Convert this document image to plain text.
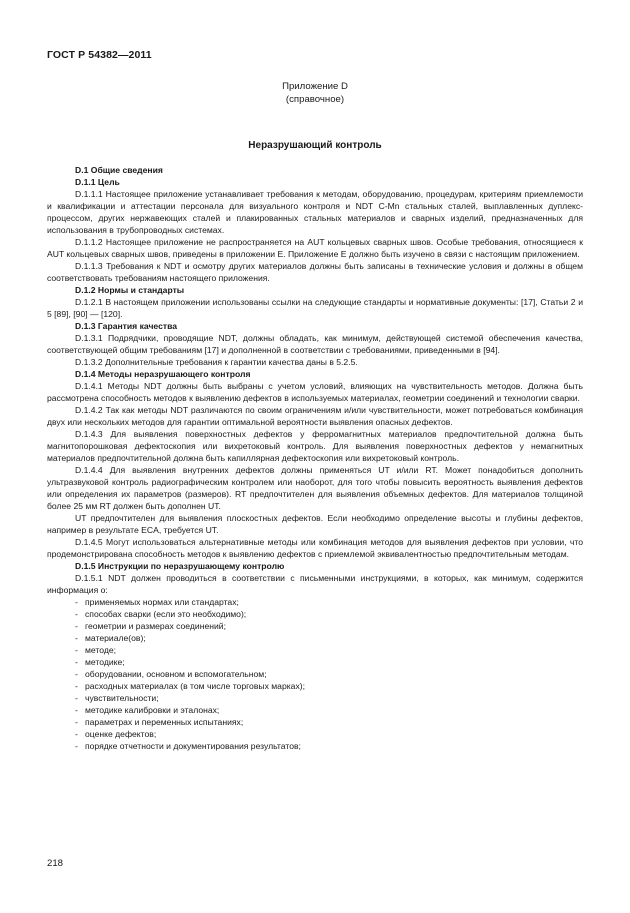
ГОСТ Р 54382—2011
Приложение D
(справочное)
Неразрушающий контроль
D.1 Общие сведения
D.1.1 Цель
D.1.1.1 Настоящее приложение устанавливает требования к методам, оборудованию, процедурам, критериям приемлемости и квалификации и аттестации персонала для визуального контроля и NDT C-Mn стальных сталей, выплавленных дуплекс-процессом, других нержавеющих сталей и плакированных стальных материалов и сварных изделий, предназначенных для использования в трубопроводных системах.
D.1.1.2 Настоящее приложение не распространяется на AUT кольцевых сварных швов. Особые требования, относящиеся к AUT кольцевых сварных швов, приведены в приложении Е. Приложение Е должно быть изучено в связи с настоящим приложением.
D.1.1.3 Требования к NDT и осмотру других материалов должны быть записаны в технические условия и должны в общем соответствовать требованиям настоящего приложения.
D.1.2 Нормы и стандарты
D.1.2.1 В настоящем приложении использованы ссылки на следующие стандарты и нормативные документы: [17], Статьи 2 и 5 [89], [90] — [120].
D.1.3 Гарантия качества
D.1.3.1 Подрядчики, проводящие NDT, должны обладать, как минимум, действующей системой обеспечения качества, соответствующей общим требованиям [17] и дополненной в соответствии с требованиями, приведенными в [94].
D.1.3.2 Дополнительные требования к гарантии качества даны в 5.2.5.
D.1.4 Методы неразрушающего контроля
D.1.4.1 Методы NDT должны быть выбраны с учетом условий, влияющих на чувствительность методов. Должна быть рассмотрена способность методов к выявлению дефектов в используемых материалах, геометрии соединений и технологии сварки.
D.1.4.2 Так как методы NDT различаются по своим ограничениям и/или чувствительности, может потребоваться комбинация двух или нескольких методов для гарантии оптимальной вероятности выявления опасных дефектов.
D.1.4.3 Для выявления поверхностных дефектов у ферромагнитных материалов предпочтительной должна быть магнитопорошковая дефектоскопия или вихретоковый контроль. Для выявления поверхностных дефектов у немагнитных материалов предпочтительной должна быть капиллярная дефектоскопия или вихретоковый контроль.
D.1.4.4 Для выявления внутренних дефектов должны применяться UT и/или RT. Может понадобиться дополнить ультразвуковой контроль радиографическим контролем или наоборот, для того чтобы повысить вероятность выявления дефектов или определения их параметров (размеров). RT предпочтителен для выявления объемных дефектов. Для материалов толщиной более 25 мм RT должен быть дополнен UT.
UT предпочтителен для выявления плоскостных дефектов. Если необходимо определение высоты и глубины дефектов, например в результате ECA, требуется UT.
D.1.4.5 Могут использоваться альтернативные методы или комбинация методов для выявления дефектов при условии, что продемонстрирована способность методов к выявлению дефектов с приемлемой эквивалентностью предпочтительным методам.
D.1.5 Инструкции по неразрушающему контролю
D.1.5.1 NDT должен проводиться в соответствии с письменными инструкциями, в которых, как минимум, содержится информация о:
- применяемых нормах или стандартах;
- способах сварки (если это необходимо);
- геометрии и размерах соединений;
- материале(ов);
- методе;
- методике;
- оборудовании, основном и вспомогательном;
- расходных материалах (в том числе торговых марках);
- чувствительности;
- методике калибровки и эталонах;
- параметрах и переменных испытаниях;
- оценке дефектов;
- порядке отчетности и документирования результатов;
218
